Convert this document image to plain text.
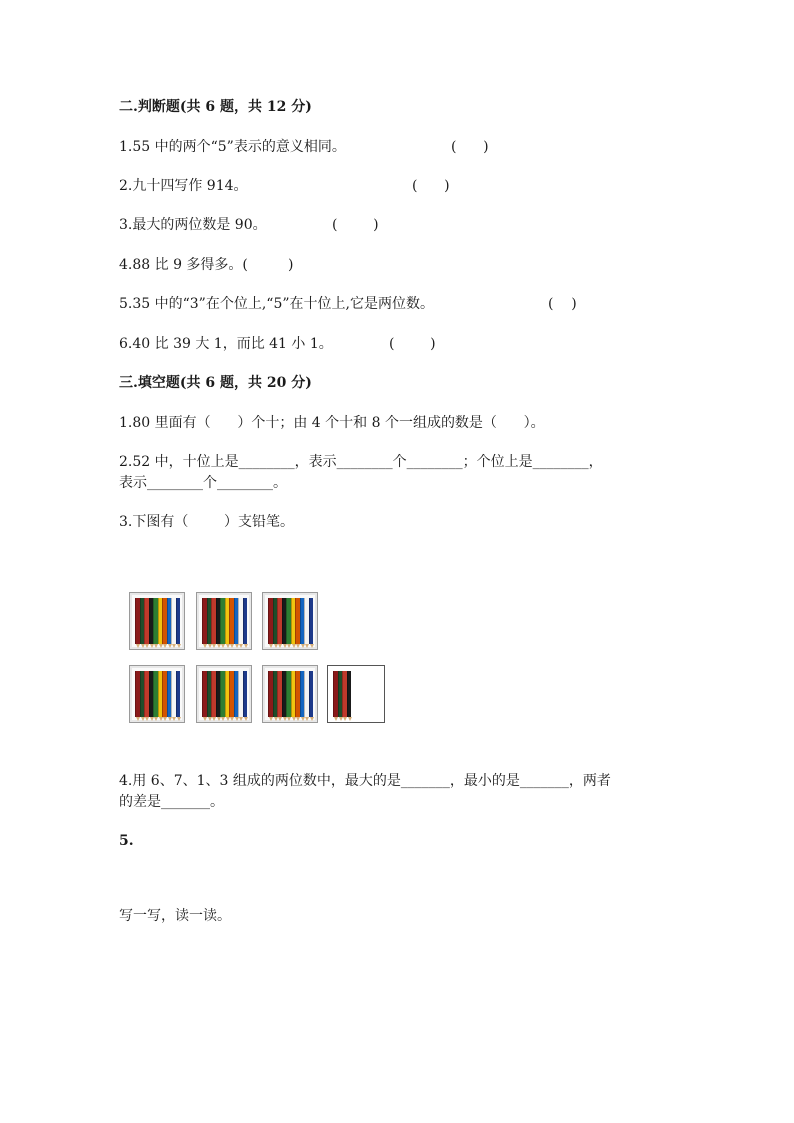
二.判断题(共 6 题，共 12 分)
1.55 中的两个“5”表示的意义相同。	(      )
2.九十四写作 914。	(      )
3.最大的两位数是 90。	(        )
4.88 比 9 多得多。(         )
5.35 中的“3”在个位上,“5”在十位上,它是两位数。	(    )
6.40 比 39 大 1，而比 41 小 1。	(        )
三.填空题(共 6 题，共 20 分)
1.80 里面有（      ）个十；由 4 个十和 8 个一组成的数是（      ）。
2.52 中，十位上是________，表示________个________；个位上是________，
表示________个________。
3.下图有（        ）支铅笔。
4.用 6、7、1、3 组成的两位数中，最大的是_______，最小的是_______，两者
的差是_______。
5.
写一写，读一读。
